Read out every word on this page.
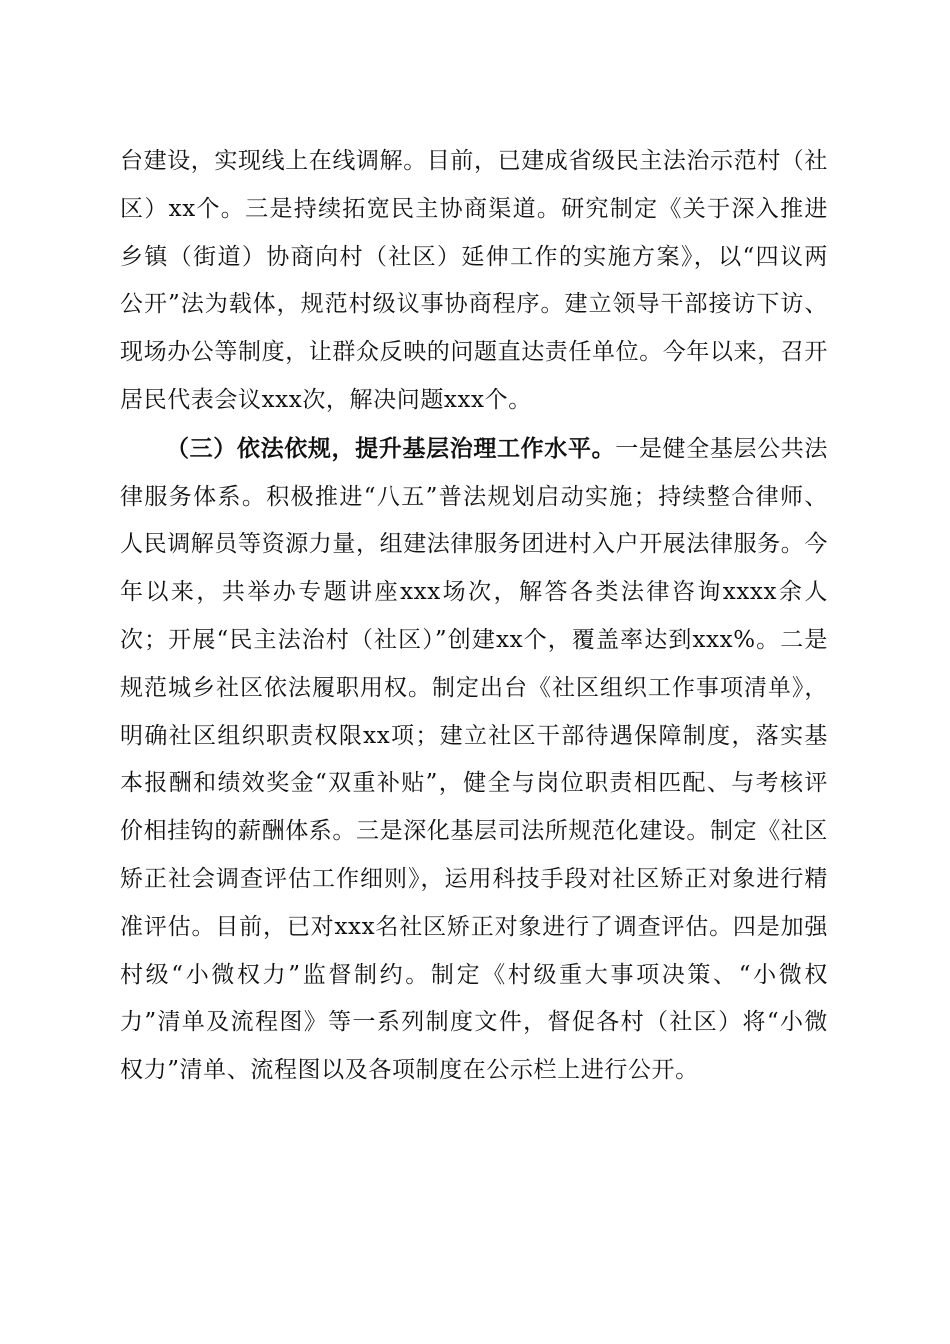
台建设，实现线上在线调解。目前，已建成省级民主法治示范村（社区）xx个。三是持续拓宽民主协商渠道。研究制定《关于深入推进乡镇（街道）协商向村（社区）延伸工作的实施方案》，以“四议两公开”法为载体，规范村级议事协商程序。建立领导干部接访下访、现场办公等制度，让群众反映的问题直达责任单位。今年以来，召开居民代表会议xxx次，解决问题xxx个。

（三）依法依规，提升基层治理工作水平。一是健全基层公共法律服务体系。积极推进“八五”普法规划启动实施；持续整合律师、人民调解员等资源力量，组建法律服务团进村入户开展法律服务。今年以来，共举办专题讲座xxx场次，解答各类法律咨询xxxx余人次；开展“民主法治村（社区）”创建xx个，覆盖率达到xxx%。二是规范城乡社区依法履职用权。制定出台《社区组织工作事项清单》，明确社区组织职责权限xx项；建立社区干部待遇保障制度，落实基本报酬和绩效奖金“双重补贴”，健全与岗位职责相匹配、与考核评价相挂钩的薪酬体系。三是深化基层司法所规范化建设。制定《社区矫正社会调查评估工作细则》，运用科技手段对社区矫正对象进行精准评估。目前，已对xxx名社区矫正对象进行了调查评估。四是加强村级“小微权力”监督制约。制定《村级重大事项决策、“小微权力”清单及流程图》等一系列制度文件，督促各村（社区）将“小微权力”清单、流程图以及各项制度在公示栏上进行公开。
